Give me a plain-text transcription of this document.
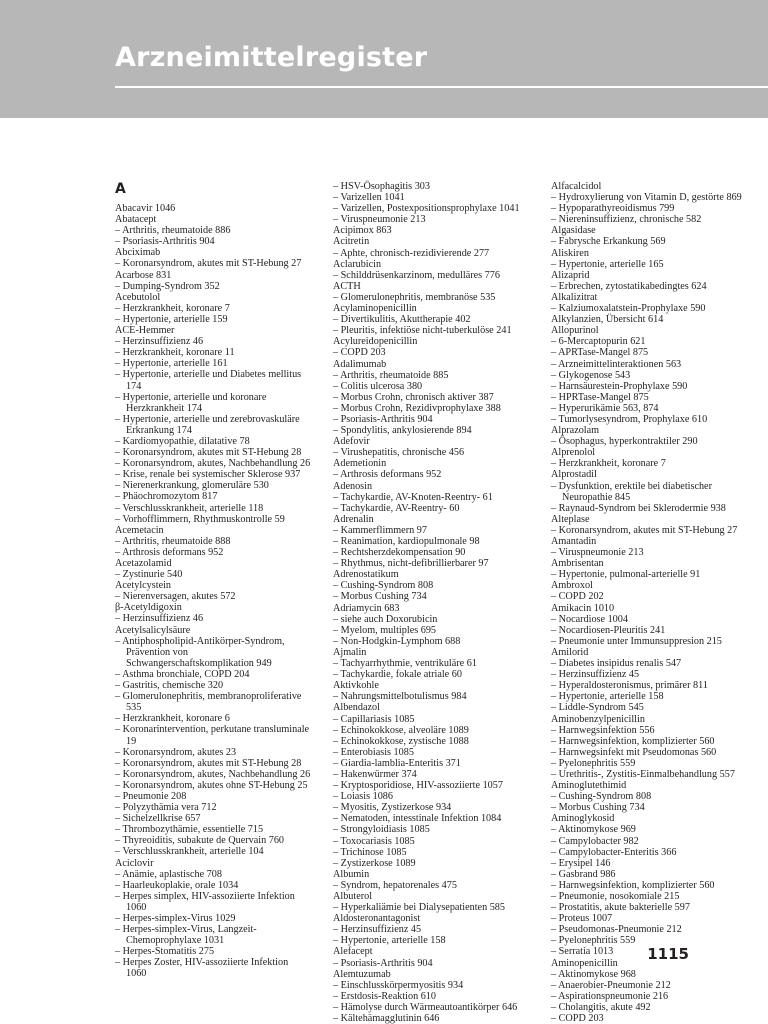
Arzneimittelregister
A

Abacavir 1046

Abatacept

– Arthritis, rheumatoide 886

– Psoriasis-Arthritis 904

Abciximab

– Koronarsyndrom, akutes mit ST-Hebung 27

Acarbose 831

– Dumping-Syndrom 352

Acebutolol

– Herzkrankheit, koronare 7

– Hypertonie, arterielle 159

ACE-Hemmer

– Herzinsuffizienz 46

– Herzkrankheit, koronare 11

– Hypertonie, arterielle 161

– Hypertonie, arterielle und Diabetes mellitus 174

– Hypertonie, arterielle und koronare Herzkrankheit 174

– Hypertonie, arterielle und zerebrovaskuläre Erkrankung 174

– Kardiomyopathie, dilatative 78

– Koronarsyndrom, akutes mit ST-Hebung 28

– Koronarsyndrom, akutes, Nachbehandlung 26

– Krise, renale bei systemischer Sklerose 937

– Nierenerkrankung, glomeruläre 530

– Phäochromozytom 817

– Verschlusskrankheit, arterielle 118

– Vorhofflimmern, Rhythmuskontrolle 59

Acemetacin

– Arthritis, rheumatoide 888

– Arthrosis deformans 952

Acetazolamid

– Zystinurie 540

Acetylcystein

– Nierenversagen, akutes 572

β-Acetyldigoxin

– Herzinsuffizienz 46

Acetylsalicylsäure

– Antiphospholipid-Antikörper-Syndrom, Prävention von Schwangerschaftskomplikation 949

– Asthma bronchiale, COPD 204

– Gastritis, chemische 320

– Glomerulonephritis, membranoproliferative 535

– Herzkrankheit, koronare 6

– Koronarintervention, perkutane transluminale 19

– Koronarsyndrom, akutes 23

– Koronarsyndrom, akutes mit ST-Hebung 28

– Koronarsyndrom, akutes, Nachbehandlung 26

– Koronarsyndrom, akutes ohne ST-Hebung 25

– Pneumonie 208

– Polyzythämia vera 712

– Sichelzellkrise 657

– Thrombozythämie, essentielle 715

– Thyreoiditis, subakute de Quervain 760

– Verschlusskrankheit, arterielle 104

Aciclovir

– Anämie, aplastische 708

– Haarleukoplakie, orale 1034

– Herpes simplex, HIV-assoziierte Infektion 1060

– Herpes-simplex-Virus 1029

– Herpes-simplex-Virus, Langzeit-Chemoprophylaxe 1031

– Herpes-Stomatitis 275

– Herpes Zoster, HIV-assoziierte Infektion 1060

– HSV-Ösophagitis 303

– Varizellen 1041

– Varizellen, Postexpositionsprophylaxe 1041

– Viruspneumonie 213

Acipimox 863

Acitretin

– Aphte, chronisch-rezidivierende 277

Aclarubicin

– Schilddrüsenkarzinom, medulläres 776

ACTH

– Glomerulonephritis, membranöse 535

Acylaminopenicillin

– Divertikulitis, Akuttherapie 402

– Pleuritis, infektiöse nicht-tuberkulöse 241

Acylureidopenicillin

– COPD 203

Adalimumab

– Arthritis, rheumatoide 885

– Colitis ulcerosa 380

– Morbus Crohn, chronisch aktiver 387

– Morbus Crohn, Rezidivprophylaxe 388

– Psoriasis-Arthritis 904

– Spondylitis, ankylosierende 894

Adefovir

– Virushepatitis, chronische 456

Ademetionin

– Arthrosis deformans 952

Adenosin

– Tachykardie, AV-Knoten-Reentry- 61

– Tachykardie, AV-Reentry- 60

Adrenalin

– Kammerflimmern 97

– Reanimation, kardiopulmonale 98

– Rechtsherzdekompensation 90

– Rhythmus, nicht-defibrillierbarer 97

Adrenostatikum

– Cushing-Syndrom 808

– Morbus Cushing 734

Adriamycin 683

– siehe auch Doxorubicin

– Myelom, multiples 695

– Non-Hodgkin-Lymphom 688

Ajmalin

– Tachyarrhythmie, ventrikuläre 61

– Tachykardie, fokale atriale 60

Aktivkohle

– Nahrungsmittelbotulismus 984

Albendazol

– Capillariasis 1085

– Echinokokkose, alveoläre 1089

– Echinokokkose, zystische 1088

– Enterobiasis 1085

– Giardia-lamblia-Enteritis 371

– Hakenwürmer 374

– Kryptosporidiose, HIV-assoziierte 1057

– Loiasis 1086

– Myositis, Zystizerkose 934

– Nematoden, intesstinale Infektion 1084

– Strongyloidiasis 1085

– Toxocariasis 1085

– Trichinose 1085

– Zystizerkose 1089

Albumin

– Syndrom, hepatorenales 475

Albuterol

– Hyperkaliämie bei Dialysepatienten 585

Aldosteronantagonist

– Herzinsuffizienz 45

– Hypertonie, arterielle 158

Alefacept

– Psoriasis-Arthritis 904

Alemtuzumab

– Einschlusskörpermyositis 934

– Erstdosis-Reaktion 610

– Hämolyse durch Wärmeautoantikörper 646

– Kältehämagglutinin 646

Alfacalcidol

– Hydroxylierung von Vitamin D, gestörte 869

– Hypoparathyreoidismus 799

– Niereninsuffizienz, chronische 582

Algasidase

– Fabrysche Erkankung 569

Aliskiren

– Hypertonie, arterielle 165

Alizaprid

– Erbrechen, zytostatikabedingtes 624

Alkalizitrat

– Kalziumoxalatstein-Prophylaxe 590

Alkylanzien, Übersicht 614

Allopurinol

– 6-Mercaptopurin 621

– APRTase-Mangel 875

– Arzneimittelinteraktionen 563

– Glykogenose 543

– Harnsäurestein-Prophylaxe 590

– HPRTase-Mangel 875

– Hyperurikämie 563, 874

– Tumorlysesyndrom, Prophylaxe 610

Alprazolam

– Ösophagus, hyperkontraktiler 290

Alprenolol

– Herzkrankheit, koronare 7

Alprostadil

– Dysfunktion, erektile bei diabetischer Neuropathie 845

– Raynaud-Syndrom bei Sklerodermie 938

Alteplase

– Koronarsyndrom, akutes mit ST-Hebung 27

Amantadin

– Viruspneumonie 213

Ambrisentan

– Hypertonie, pulmonal-arterielle 91

Ambroxol

– COPD 202

Amikacin 1010

– Nocardiose 1004

– Nocardiosen-Pleuritis 241

– Pneumonie unter Immunsuppresion 215

Amilorid

– Diabetes insipidus renalis 547

– Herzinsuffizienz 45

– Hyperaldosteronismus, primärer 811

– Hypertonie, arterielle 158

– Liddle-Syndrom 545

Aminobenzylpenicillin

– Harnwegsinfektion 556

– Harnwegsinfektion, komplizierter 560

– Harnwegsinfekt mit Pseudomonas 560

– Pyelonephritis 559

– Urethritis-, Zystitis-Einmalbehandlung 557

Aminoglutethimid

– Cushing-Syndrom 808

– Morbus Cushing 734

Aminoglykosid

– Aktinomykose 969

– Campylobacter 982

– Campylobacter-Enteritis 366

– Erysipel 146

– Gasbrand 986

– Harnwegsinfektion, komplizierter 560

– Pneumonie, nosokomiale 215

– Prostatitis, akute bakterielle 597

– Proteus 1007

– Pseudomonas-Pneumonie 212

– Pyelonephritis 559

– Serratia 1013

Aminopenicillin

– Aktinomykose 968

– Anaerobier-Pneumonie 212

– Aspirationspneumonie 216

– Cholangitis, akute 492

– COPD 203

1115
